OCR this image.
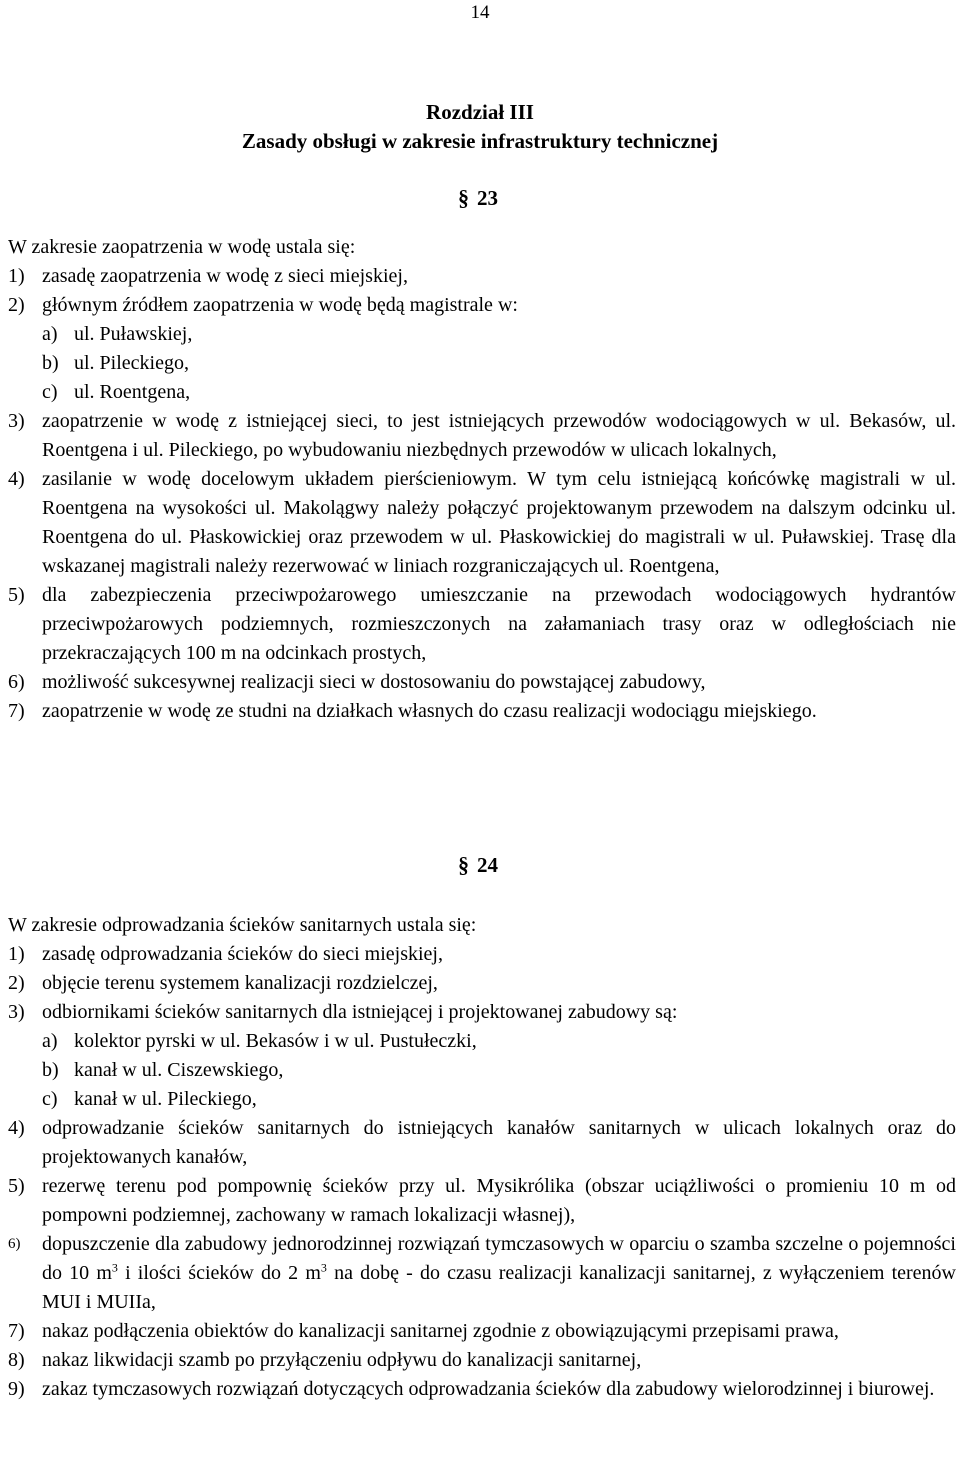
14
Rozdział III
Zasady obsługi w zakresie infrastruktury technicznej
§ 23
W zakresie zaopatrzenia w wodę ustala się:
1) zasadę zaopatrzenia w wodę z sieci miejskiej,
2) głównym źródłem zaopatrzenia w wodę będą magistrale w:
a) ul. Puławskiej,
b) ul. Pileckiego,
c) ul. Roentgena,
3) zaopatrzenie w wodę z istniejącej sieci, to jest istniejących przewodów wodociągowych w ul. Bekasów, ul. Roentgena i ul. Pileckiego, po wybudowaniu niezbędnych przewodów w ulicach lokalnych,
4) zasilanie w wodę docelowym układem pierścieniowym. W tym celu istniejącą końcówkę magistrali w ul. Roentgena na wysokości ul. Makolągwy należy połączyć projektowanym przewodem na dalszym odcinku ul. Roentgena do ul. Płaskowickiej oraz przewodem w ul. Płaskowickiej do magistrali w ul. Puławskiej. Trasę dla wskazanej magistrali należy rezerwować w liniach rozgraniczających ul. Roentgena,
5) dla zabezpieczenia przeciwpożarowego umieszczanie na przewodach wodociągowych hydrantów przeciwpożarowych podziemnych, rozmieszczonych na załamaniach trasy oraz w odległościach nie przekraczających 100 m na odcinkach prostych,
6) możliwość sukcesywnej realizacji sieci w dostosowaniu do powstającej zabudowy,
7) zaopatrzenie w wodę ze studni na działkach własnych do czasu realizacji wodociągu miejskiego.
§ 24
W zakresie odprowadzania ścieków sanitarnych ustala się:
1) zasadę odprowadzania ścieków do sieci miejskiej,
2) objęcie terenu systemem kanalizacji rozdzielczej,
3) odbiornikami ścieków sanitarnych dla istniejącej i projektowanej zabudowy są:
a) kolektor pyrski w ul. Bekasów i w ul. Pustułeczki,
b) kanał w ul. Ciszewskiego,
c) kanał w ul. Pileckiego,
4) odprowadzanie ścieków sanitarnych do istniejących kanałów sanitarnych w ulicach lokalnych oraz do projektowanych kanałów,
5) rezerwę terenu pod pompownię ścieków przy ul. Mysikrólika (obszar uciążliwości o promieniu 10 m od pompowni podziemnej, zachowany w ramach lokalizacji własnej),
6) dopuszczenie dla zabudowy jednorodzinnej rozwiązań tymczasowych w oparciu o szamba szczelne o pojemności do 10 $m^3$ i ilości ścieków do 2 $m^3$ na dobę - do czasu realizacji kanalizacji sanitarnej, z wyłączeniem terenów MUI i MUIIa,
7) nakaz podłączenia obiektów do kanalizacji sanitarnej zgodnie z obowiązującymi przepisami prawa,
8) nakaz likwidacji szamb po przyłączeniu odpływu do kanalizacji sanitarnej,
9) zakaz tymczasowych rozwiązań dotyczących odprowadzania ścieków dla zabudowy wielorodzinnej i biurowej.
